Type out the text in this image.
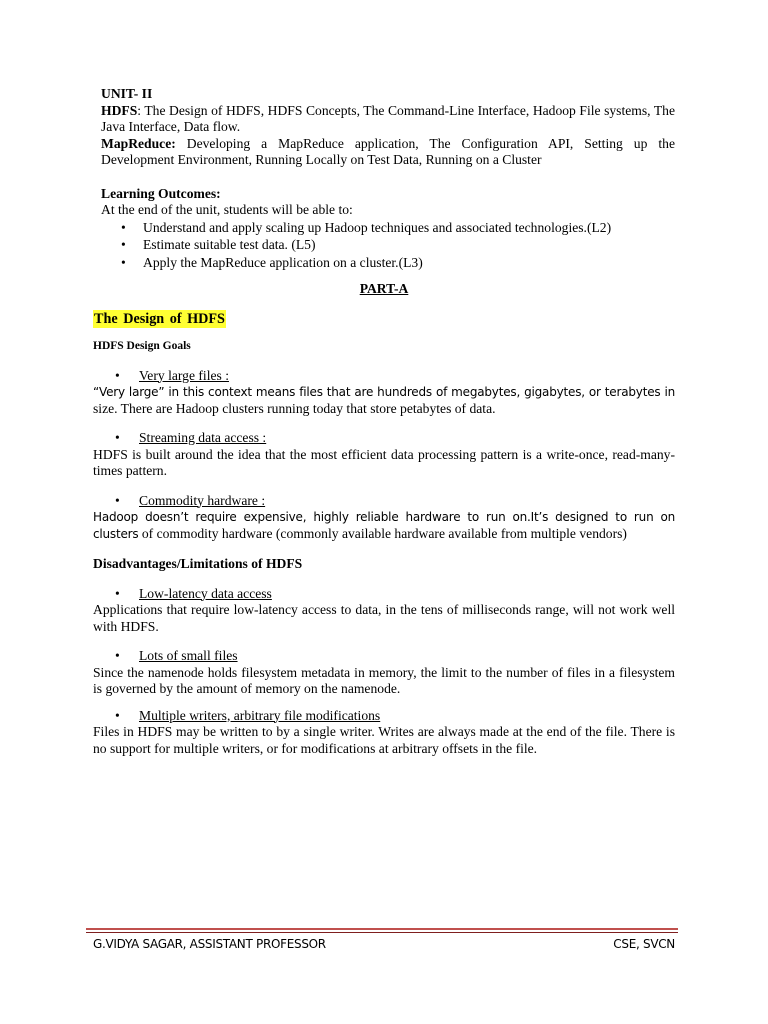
UNIT- II
HDFS: The Design of HDFS, HDFS Concepts, The Command-Line Interface, Hadoop File systems, The Java Interface, Data flow.
MapReduce: Developing a MapReduce application, The Configuration API, Setting up the Development Environment, Running Locally on Test Data, Running on a Cluster
Learning Outcomes:
At the end of the unit, students will be able to:
• Understand and apply scaling up Hadoop techniques and associated technologies.(L2)
• Estimate suitable test data. (L5)
• Apply the MapReduce application on a cluster.(L3)
PART-A
The Design of HDFS
HDFS Design Goals
• Very large files :
“Very large” in this context means files that are hundreds of megabytes, gigabytes, or terabytes in size. There are Hadoop clusters running today that store petabytes of data.
• Streaming data access :
HDFS is built around the idea that the most efficient data processing pattern is a write-once, read-many-times pattern.
• Commodity hardware :
Hadoop doesn’t require expensive, highly reliable hardware to run on.It’s designed to run on clusters of commodity hardware (commonly available hardware available from multiple vendors)
Disadvantages/Limitations of HDFS
• Low-latency data access
Applications that require low-latency access to data, in the tens of milliseconds range, will not work well with HDFS.
• Lots of small files
Since the namenode holds filesystem metadata in memory, the limit to the number of files in a filesystem is governed by the amount of memory on the namenode.
• Multiple writers, arbitrary file modifications
Files in HDFS may be written to by a single writer. Writes are always made at the end of the file. There is no support for multiple writers, or for modifications at arbitrary offsets in the file.
G.VIDYA SAGAR, ASSISTANT PROFESSOR	CSE, SVCN
